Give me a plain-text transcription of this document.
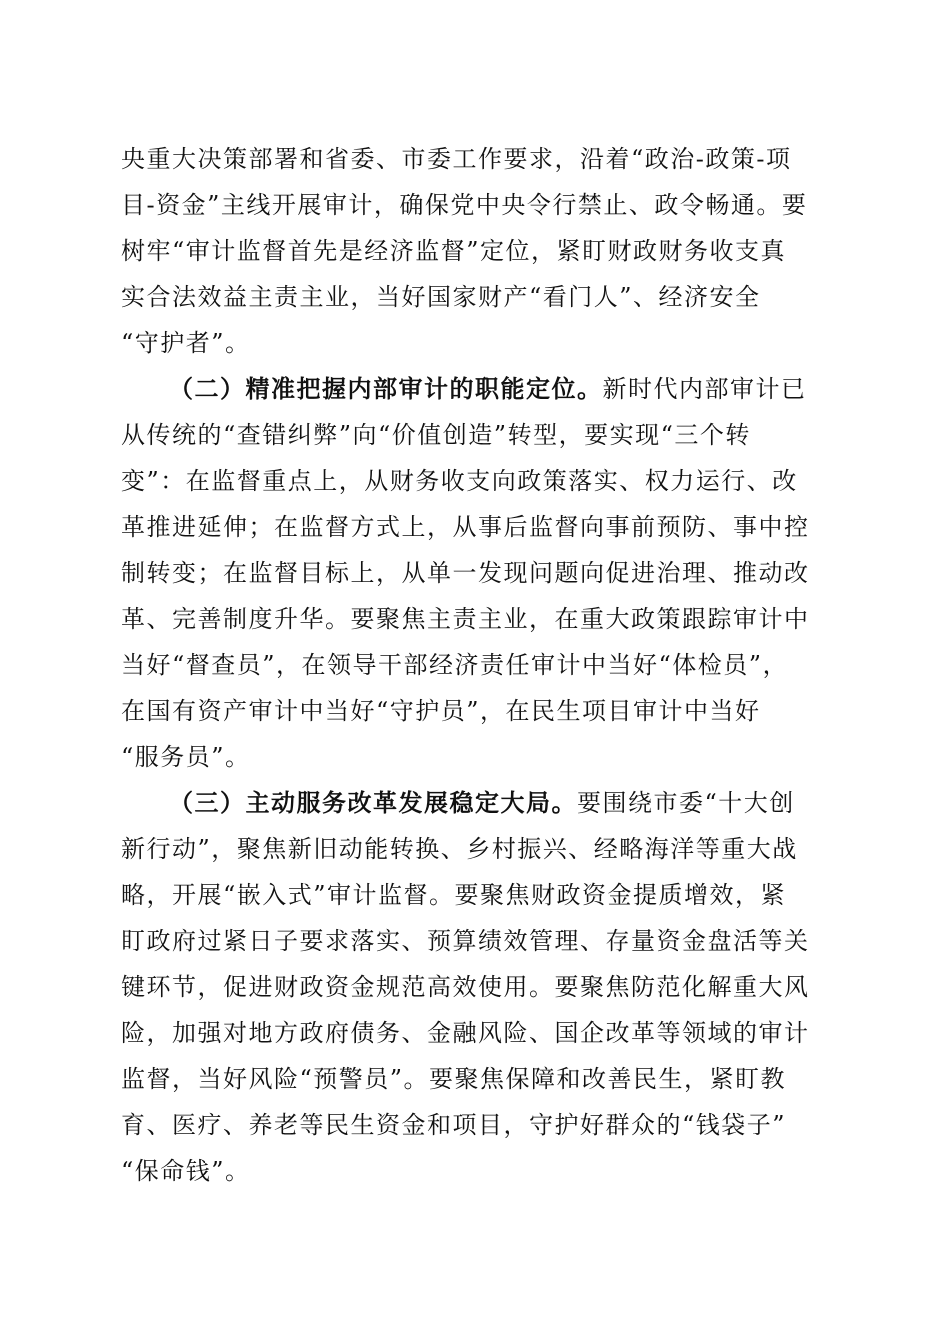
央重大决策部署和省委、市委工作要求，沿着“政治-政策-项
目-资金”主线开展审计，确保党中央令行禁止、政令畅通。要
树牢“审计监督首先是经济监督”定位，紧盯财政财务收支真
实合法效益主责主业，当好国家财产“看门人”、经济安全
“守护者”。
（二）精准把握内部审计的职能定位。新时代内部审计已
从传统的“查错纠弊”向“价值创造”转型，要实现“三个转
变”：在监督重点上，从财务收支向政策落实、权力运行、改
革推进延伸；在监督方式上，从事后监督向事前预防、事中控
制转变；在监督目标上，从单一发现问题向促进治理、推动改
革、完善制度升华。要聚焦主责主业，在重大政策跟踪审计中
当好“督查员”，在领导干部经济责任审计中当好“体检员”，
在国有资产审计中当好“守护员”，在民生项目审计中当好
“服务员”。
（三）主动服务改革发展稳定大局。要围绕市委“十大创
新行动”，聚焦新旧动能转换、乡村振兴、经略海洋等重大战
略，开展“嵌入式”审计监督。要聚焦财政资金提质增效，紧
盯政府过紧日子要求落实、预算绩效管理、存量资金盘活等关
键环节，促进财政资金规范高效使用。要聚焦防范化解重大风
险，加强对地方政府债务、金融风险、国企改革等领域的审计
监督，当好风险“预警员”。要聚焦保障和改善民生，紧盯教
育、医疗、养老等民生资金和项目，守护好群众的“钱袋子”
“保命钱”。
